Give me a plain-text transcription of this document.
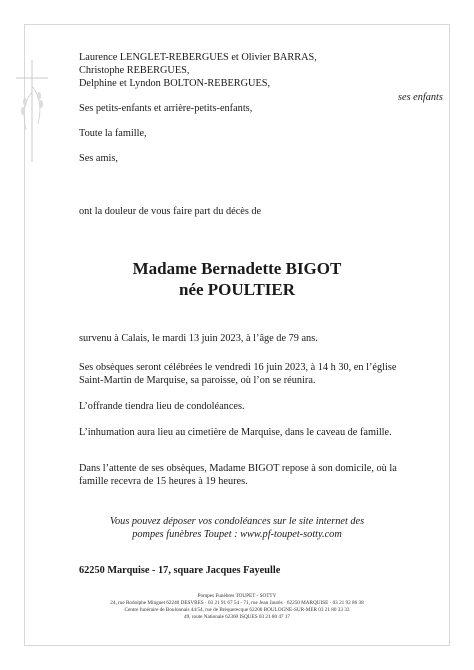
Laurence LENGLET-REBERGUES et Olivier BARRAS,
Christophe REBERGUES,
Delphine et Lyndon BOLTON-REBERGUES,
ses enfants
Ses petits-enfants et arrière-petits-enfants,
Toute la famille,
Ses amis,
ont la douleur de vous faire part du décès de
Madame Bernadette BIGOT
née POULTIER
survenu à Calais, le mardi 13 juin 2023, à l’âge de 79 ans.
Ses obsèques seront célébrées le vendredi 16 juin 2023, à 14 h 30, en l’église
Saint-Martin de Marquise, sa paroisse, où l’on se réunira.
L’offrande tiendra lieu de condoléances.
L’inhumation aura lieu au cimetière de Marquise, dans le caveau de famille.
Dans l’attente de ses obsèques, Madame BIGOT repose à son domicile, où la
famille recevra de 15 heures à 19 heures.
Vous pouvez déposer vos condoléances sur le site internet des
pompes funèbres Toupet : www.pf-toupet-sotty.com
62250 Marquise - 17, square Jacques Fayeulle
Pompes Funèbres TOUPET - SOTTY
24, rue Rodolphe Minguet 62240 DESVRES · 03 21 91 67 54 - 71, rue Jean Jaurès · 62250 MARQUISE · 03 21 92 86 38
Centre funéraire de Boulonnais 44/54, rue de Brèquerecque 62200 BOULOGNE-SUR-MER 03 21 80 33 33
49, route Nationale 62360 ISQUES 03 21 80 47 17
